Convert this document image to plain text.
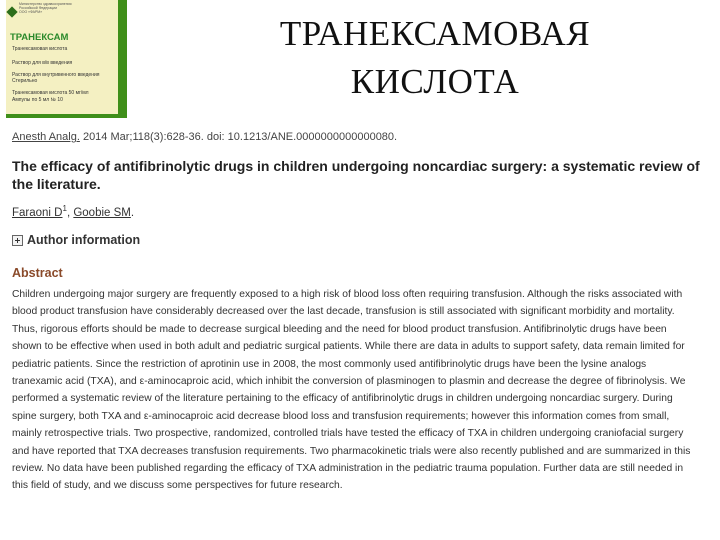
Министерство здравоохранения
Российской Федерации
ООО «ФАРМ»
ТРАНЕКСАМ
Транексамовая кислота
Раствор для в/в введения
Раствор для внутривенного введения
Стерильно
Транексамовая кислота 50 мг/мл
Ампулы по 5 мл № 10
ТРАНЕКСАМОВАЯ
КИСЛОТА
Anesth Analg. 2014 Mar;118(3):628-36. doi: 10.1213/ANE.0000000000000080.
The efficacy of antifibrinolytic drugs in children undergoing noncardiac surgery: a systematic review of the literature.
Faraoni $D^1$, Goobie SM.
Author information
Abstract
Children undergoing major surgery are frequently exposed to a high risk of blood loss often requiring transfusion. Although the risks associated with
blood product transfusion have considerably decreased over the last decade, transfusion is still associated with significant morbidity and mortality.
Thus, rigorous efforts should be made to decrease surgical bleeding and the need for blood product transfusion. Antifibrinolytic drugs have been
shown to be effective when used in both adult and pediatric surgical patients. While there are data in adults to support safety, data remain limited for
pediatric patients. Since the restriction of aprotinin use in 2008, the most commonly used antifibrinolytic drugs have been the lysine analogs
tranexamic acid (TXA), and ε-aminocaproic acid, which inhibit the conversion of plasminogen to plasmin and decrease the degree of fibrinolysis. We
performed a systematic review of the literature pertaining to the efficacy of antifibrinolytic drugs in children undergoing noncardiac surgery. During
spine surgery, both TXA and ε-aminocaproic acid decrease blood loss and transfusion requirements; however this information comes from small,
mainly retrospective trials. Two prospective, randomized, controlled trials have tested the efficacy of TXA in children undergoing craniofacial surgery
and have reported that TXA decreases transfusion requirements. Two pharmacokinetic trials were also recently published and are summarized in this
review. No data have been published regarding the efficacy of TXA administration in the pediatric trauma population. Further data are still needed in
this field of study, and we discuss some perspectives for future research.
